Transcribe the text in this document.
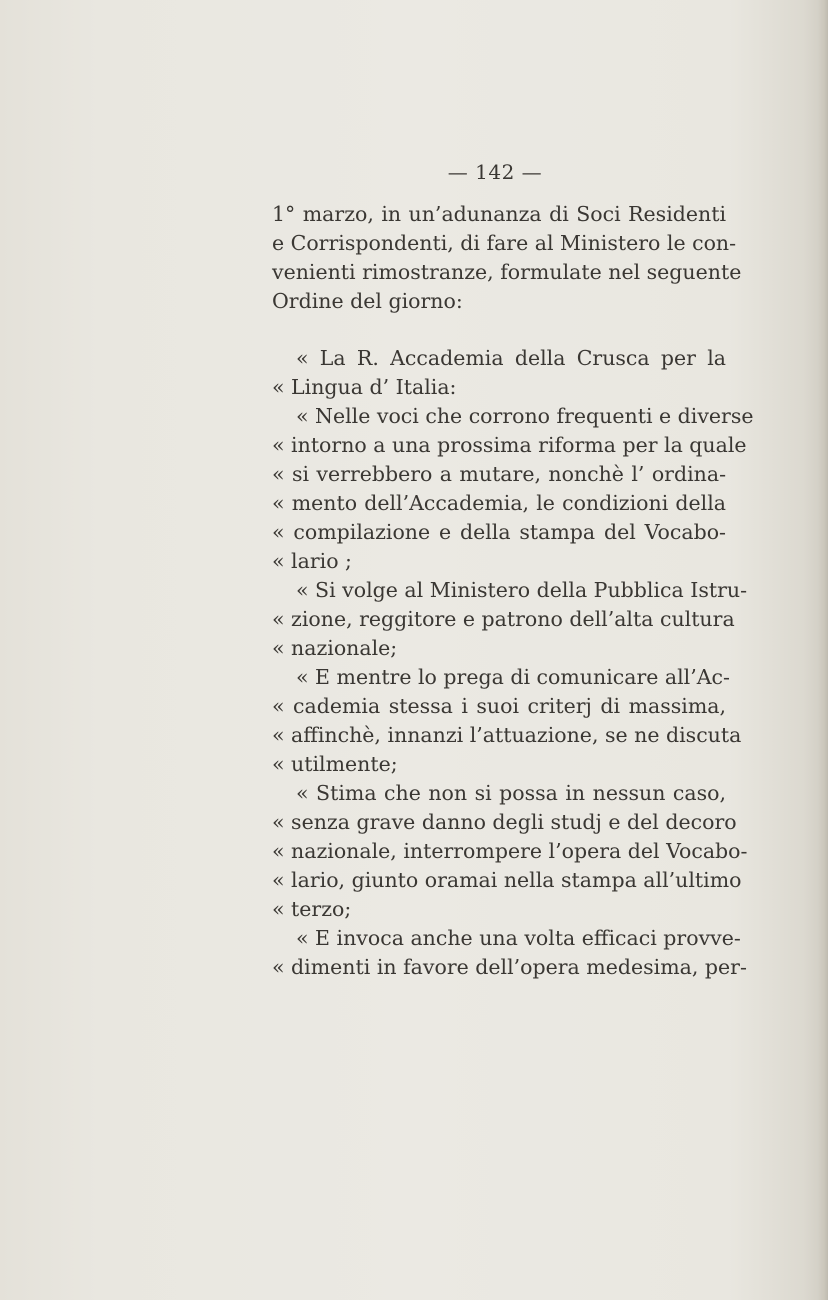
— 142 —
1° marzo, in un’adunanza di Soci Residenti
e Corrispondenti, di fare al Ministero le con-
venienti rimostranze, formulate nel seguente
Ordine del giorno:
« La R. Accademia della Crusca per la
« Lingua d’ Italia:
« Nelle voci che corrono frequenti e diverse
« intorno a una prossima riforma per la quale
« si verrebbero a mutare, nonchè l’ ordina-
« mento dell’Accademia, le condizioni della
« compilazione e della stampa del Vocabo-
« lario ;
« Si volge al Ministero della Pubblica Istru-
« zione, reggitore e patrono dell’alta cultura
« nazionale;
« E mentre lo prega di comunicare all’Ac-
« cademia stessa i suoi criterj di massima,
« affinchè, innanzi l’attuazione, se ne discuta
« utilmente;
« Stima che non si possa in nessun caso,
« senza grave danno degli studj e del decoro
« nazionale, interrompere l’opera del Vocabo-
« lario, giunto oramai nella stampa all’ultimo
« terzo;
« E invoca anche una volta efficaci provve-
« dimenti in favore dell’opera medesima, per-
